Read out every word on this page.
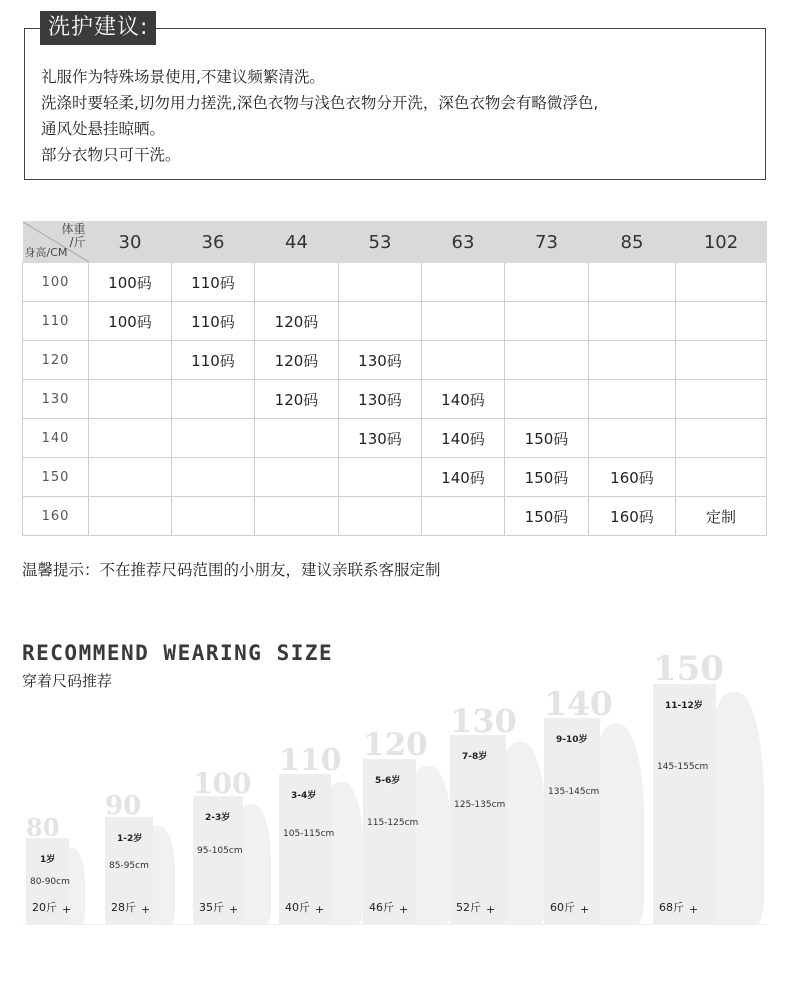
礼服作为特殊场景使用,不建议频繁清洗。
洗涤时要轻柔,切勿用力搓洗,深色衣物与浅色衣物分开洗，深色衣物会有略微浮色,
通风处悬挂晾晒。
部分衣物只可干洗。
洗护建议:
体重
/斤
身高/CM	30	36	44	53	63	73	85	102
100	100码	110码						
110	100码	110码	120码					
120		110码	120码	130码				
130			120码	130码	140码			
140				130码	140码	150码		
150					140码	150码	160码	
160						150码	160码	定制
温馨提示：不在推荐尺码范围的小朋友，建议亲联系客服定制
RECOMMEND WEARING SIZE
穿着尺码推荐
80
1岁
80-90cm
20斤 +
90
1-2岁
85-95cm
28斤 +
100
2-3岁
95-105cm
35斤 +
110
3-4岁
105-115cm
40斤 +
120
5-6岁
115-125cm
46斤 +
130
7-8岁
125-135cm
52斤 +
140
9-10岁
135-145cm
60斤 +
150
11-12岁
145-155cm
68斤 +
